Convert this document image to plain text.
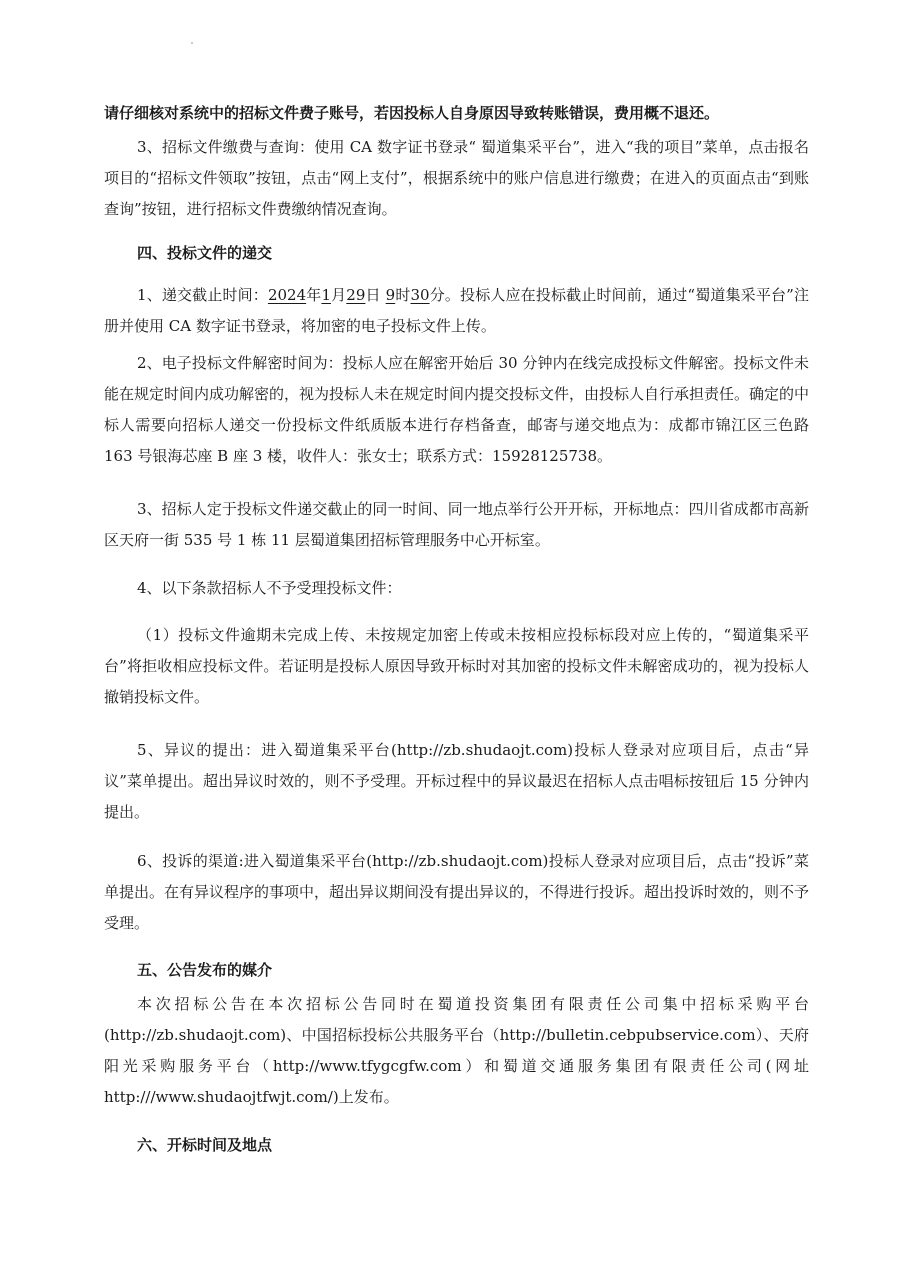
请仔细核对系统中的招标文件费子账号，若因投标人自身原因导致转账错误，费用概不退还。

3、招标文件缴费与查询：使用 CA 数字证书登录“ 蜀道集采平台”，进入“我的项目”菜单，点击报名项目的“招标文件领取”按钮，点击“网上支付”，根据系统中的账户信息进行缴费；在进入的页面点击“到账查询”按钮，进行招标文件费缴纳情况查询。

四、投标文件的递交

1、递交截止时间：2024年1月29日 9时30分。投标人应在投标截止时间前，通过“蜀道集采平台”注册并使用 CA 数字证书登录，将加密的电子投标文件上传。

2、电子投标文件解密时间为：投标人应在解密开始后 30 分钟内在线完成投标文件解密。投标文件未能在规定时间内成功解密的，视为投标人未在规定时间内提交投标文件，由投标人自行承担责任。确定的中标人需要向招标人递交一份投标文件纸质版本进行存档备查，邮寄与递交地点为：成都市锦江区三色路 163 号银海芯座 B 座 3 楼，收件人：张女士；联系方式：15928125738。

3、招标人定于投标文件递交截止的同一时间、同一地点举行公开开标，开标地点：四川省成都市高新区天府一街 535 号 1 栋 11 层蜀道集团招标管理服务中心开标室。

4、以下条款招标人不予受理投标文件：

（1）投标文件逾期未完成上传、未按规定加密上传或未按相应投标标段对应上传的，“蜀道集采平台”将拒收相应投标文件。若证明是投标人原因导致开标时对其加密的投标文件未解密成功的，视为投标人撤销投标文件。

5、异议的提出：进入蜀道集采平台(http://zb.shudaojt.com)投标人登录对应项目后，点击“异议”菜单提出。超出异议时效的，则不予受理。开标过程中的异议最迟在招标人点击唱标按钮后 15 分钟内提出。

6、投诉的渠道:进入蜀道集采平台(http://zb.shudaojt.com)投标人登录对应项目后，点击“投诉”菜单提出。在有异议程序的事项中，超出异议期间没有提出异议的，不得进行投诉。超出投诉时效的，则不予受理。

五、公告发布的媒介

本次招标公告在本次招标公告同时在蜀道投资集团有限责任公司集中招标采购平台(http://zb.shudaojt.com)、中国招标投标公共服务平台（http://bulletin.cebpubservice.com）、天府阳光采购服务平台（http://www.tfygcgfw.com）和蜀道交通服务集团有限责任公司(网址http:///www.shudaojtfwjt.com/)上发布。

六、开标时间及地点
